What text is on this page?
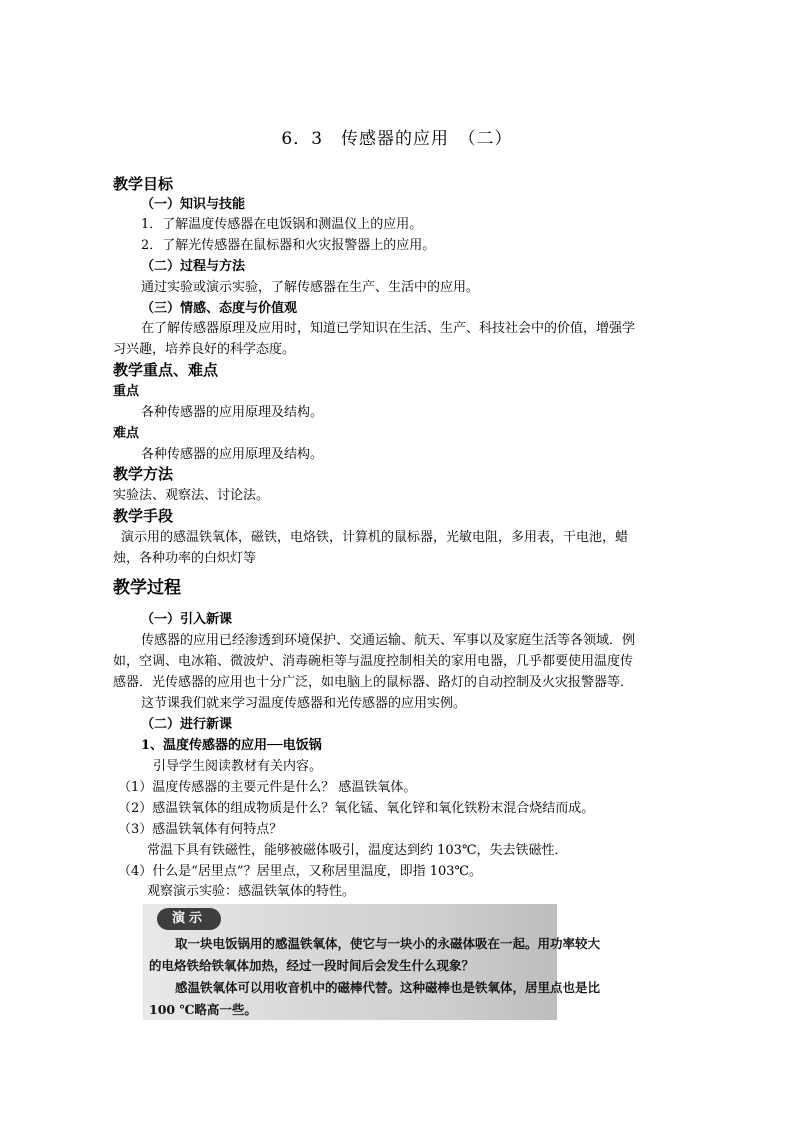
6．3　传感器的应用　（二）
教学目标
（一）知识与技能
1．了解温度传感器在电饭锅和测温仪上的应用。
2．了解光传感器在鼠标器和火灾报警器上的应用。
（二）过程与方法
通过实验或演示实验，了解传感器在生产、生活中的应用。
（三）情感、态度与价值观
在了解传感器原理及应用时，知道已学知识在生活、生产、科技社会中的价值，增强学
习兴趣，培养良好的科学态度。
教学重点、难点
重点
各种传感器的应用原理及结构。
难点
各种传感器的应用原理及结构。
教学方法
实验法、观察法、讨论法。
教学手段
演示用的感温铁氧体，磁铁，电烙铁，计算机的鼠标器，光敏电阻，多用表，干电池，蜡
烛，各种功率的白炽灯等
教学过程
（一）引入新课
传感器的应用已经渗透到环境保护、交通运输、航天、军事以及家庭生活等各领域．例
如，空调、电冰箱、微波炉、消毒碗柜等与温度控制相关的家用电器，几乎都要使用温度传
感器．光传感器的应用也十分广泛，如电脑上的鼠标器、路灯的自动控制及火灾报警器等．
这节课我们就来学习温度传感器和光传感器的应用实例。
（二）进行新课
1、温度传感器的应用──电饭锅
引导学生阅读教材有关内容。
（1）温度传感器的主要元件是什么？ 感温铁氧体。
（2）感温铁氧体的组成物质是什么？氧化锰、氧化锌和氧化铁粉末混合烧结而成。
（3）感温铁氧体有何特点？
常温下具有铁磁性，能够被磁体吸引，温度达到约 103℃，失去铁磁性．
（4）什么是“居里点”？居里点，又称居里温度，即指 103℃。
观察演示实验：感温铁氧体的特性。
演示
取一块电饭锅用的感温铁氧体，使它与一块小的永磁体吸在一起。用功率较大
的电烙铁给铁氧体加热，经过一段时间后会发生什么现象？
感温铁氧体可以用收音机中的磁棒代替。这种磁棒也是铁氧体，居里点也是比
100 ℃略高一些。
